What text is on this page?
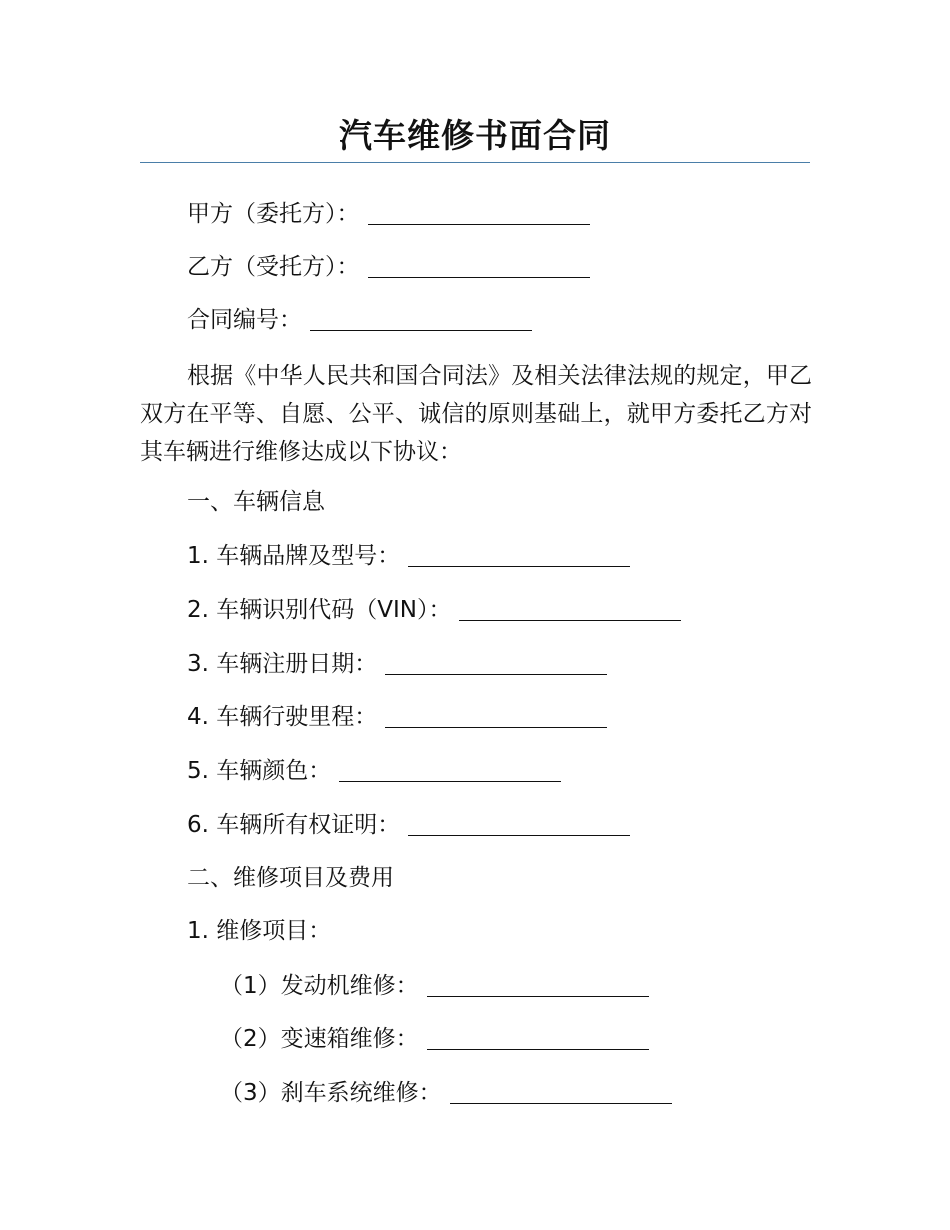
汽车维修书面合同
甲方（委托方）：
乙方（受托方）：
合同编号：
根据《中华人民共和国合同法》及相关法律法规的规定，甲乙双方在平等、自愿、公平、诚信的原则基础上，就甲方委托乙方对其车辆进行维修达成以下协议：
一、车辆信息
1. 车辆品牌及型号：
2. 车辆识别代码（VIN）：
3. 车辆注册日期：
4. 车辆行驶里程：
5. 车辆颜色：
6. 车辆所有权证明：
二、维修项目及费用
1. 维修项目：
（1）发动机维修：
（2）变速箱维修：
（3）刹车系统维修：
